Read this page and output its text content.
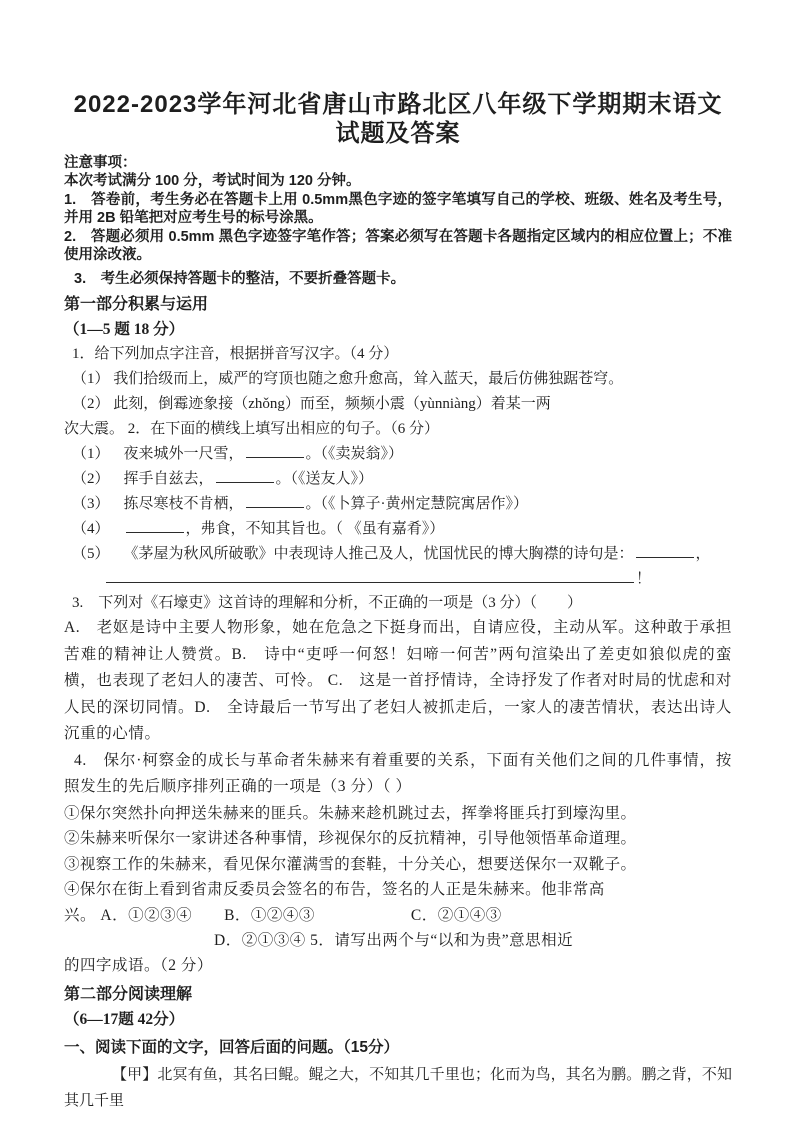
2022-2023学年河北省唐山市路北区八年级下学期期末语文试题及答案

注意事项：

本次考试满分 100 分，考试时间为 120 分钟。

1.　答卷前，考生务必在答题卡上用 0.5mm黑色字迹的签字笔填写自己的学校、班级、姓名及考生号，并用 2B 铅笔把对应考生号的标号涂黑。

2.　答题必须用 0.5mm 黑色字迹签字笔作答；答案必须写在答题卡各题指定区域内的相应位置上；不准使用涂改液。

3.　考生必须保持答题卡的整洁，不要折叠答题卡。

第一部分积累与运用

（1—5 题 18 分）

1．给下列加点字注音，根据拼音写汉字。（4 分）

（1） 我们拾级而上，威严的穹顶也随之愈升愈高，耸入蓝天，最后仿佛独踞苍穹。

（2） 此刻，倒霉迹象接（zhǒng）而至，频频小震（yùnniàng）着某一两

次大震。 2．在下面的横线上填写出相应的句子。（6 分）

（1） 夜来城外一尺雪，	。（《卖炭翁》）

（2） 挥手自兹去，	。（《送友人》）

（3） 拣尽寒枝不肯栖，	。（《卜算子·黄州定慧院寓居作》）

（4）	，弗食，不知其旨也。（ 《虽有嘉肴》）

（5） 《茅屋为秋风所破歌》中表现诗人推己及人，忧国忧民的博大胸襟的诗句是：	，

！

3.　下列对《石壕吏》这首诗的理解和分析，不正确的一项是（3 分）（　　）

A.　老妪是诗中主要人物形象，她在危急之下挺身而出，自请应役，主动从军。这种敢于承担苦难的精神让人赞赏。B.　诗中“吏呼一何怒！妇啼一何苦”两句渲染出了差吏如狼似虎的蛮横，也表现了老妇人的凄苦、可怜。 C.　这是一首抒情诗，全诗抒发了作者对时局的忧虑和对人民的深切同情。D.　全诗最后一节写出了老妇人被抓走后，一家人的凄苦情状，表达出诗人沉重的心情。

4.　保尔·柯察金的成长与革命者朱赫来有着重要的关系，下面有关他们之间的几件事情，按照发生的先后顺序排列正确的一项是（3 分）（ ）

①保尔突然扑向押送朱赫来的匪兵。朱赫来趁机跳过去，挥拳将匪兵打到壕沟里。

②朱赫来听保尔一家讲述各种事情，珍视保尔的反抗精神，引导他领悟革命道理。

③视察工作的朱赫来，看见保尔灌满雪的套鞋，十分关心，想要送保尔一双靴子。

④保尔在街上看到省肃反委员会签名的布告，签名的人正是朱赫来。他非常高

兴。 A．①②③④　　B．①②④③　　　　　　C．②①④③

D．②①③④ 5．请写出两个与“以和为贵”意思相近

的四字成语。（2 分）

第二部分阅读理解

（6—17题 42分）

一、阅读下面的文字，回答后面的问题。（15分）

【甲】北冥有鱼，其名曰鲲。鲲之大，不知其几千里也；化而为鸟，其名为鹏。鹏之背，不知其几千里
